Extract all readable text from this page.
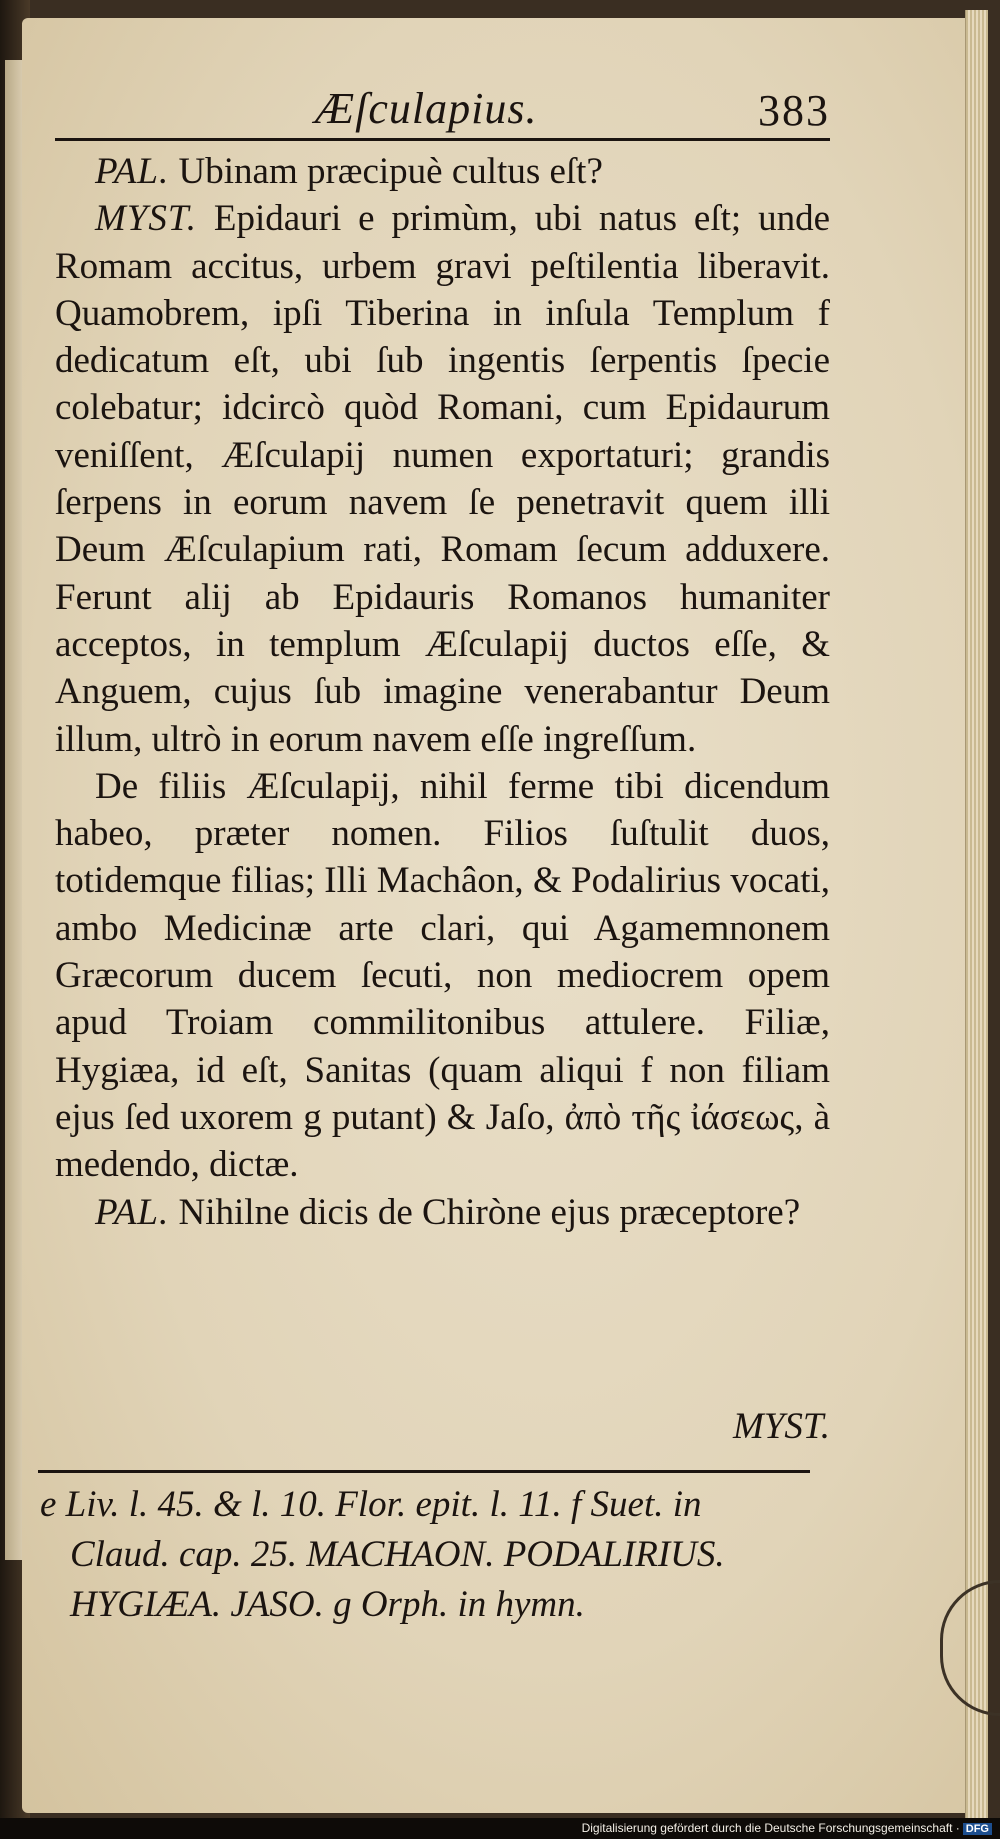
Æſculapius.	383

PAL. Ubinam præcipuè cultus eſt?

MYST. Epidauri e primùm, ubi natus eſt; unde Romam accitus, urbem gravi peſtilentia liberavit. Quamobrem, ipſi Tiberina in inſula Templum f dedicatum eſt, ubi ſub ingentis ſerpentis ſpecie colebatur; idcircò quòd Romani, cum Epidaurum veniſſent, Æſculapij numen exportaturi; grandis ſerpens in eorum navem ſe penetravit quem illi Deum Æſculapium rati, Romam ſecum adduxere. Ferunt alij ab Epidauris Romanos humaniter acceptos, in templum Æſculapij ductos eſſe, & Anguem, cujus ſub imagine venerabantur Deum illum, ultrò in eorum navem eſſe ingreſſum.

De filiis Æſculapij, nihil ferme tibi dicendum habeo, præter nomen. Filios ſuſtulit duos, totidemque filias; Illi Machâon, & Podalirius vocati, ambo Medicinæ arte clari, qui Agamemnonem Græcorum ducem ſecuti, non mediocrem opem apud Troiam commilitonibus attulere. Filiæ, Hygiæa, id eſt, Sanitas (quam aliqui f non filiam ejus ſed uxorem g putant) & Jaſo, ἀπὸ τῆς ἰάσεως, à medendo, dictæ.

PAL. Nihilne dicis de Chiròne ejus præceptore?

MYST.

e Liv. l. 45. & l. 10. Flor. epit. l. 11. f Suet. in Claud. cap. 25. MACHAON. PODALIRIUS. HYGIÆA. JASO. g Orph. in hymn.

Digitalisierung gefördert durch die Deutsche Forschungsgemeinschaft · DFG
